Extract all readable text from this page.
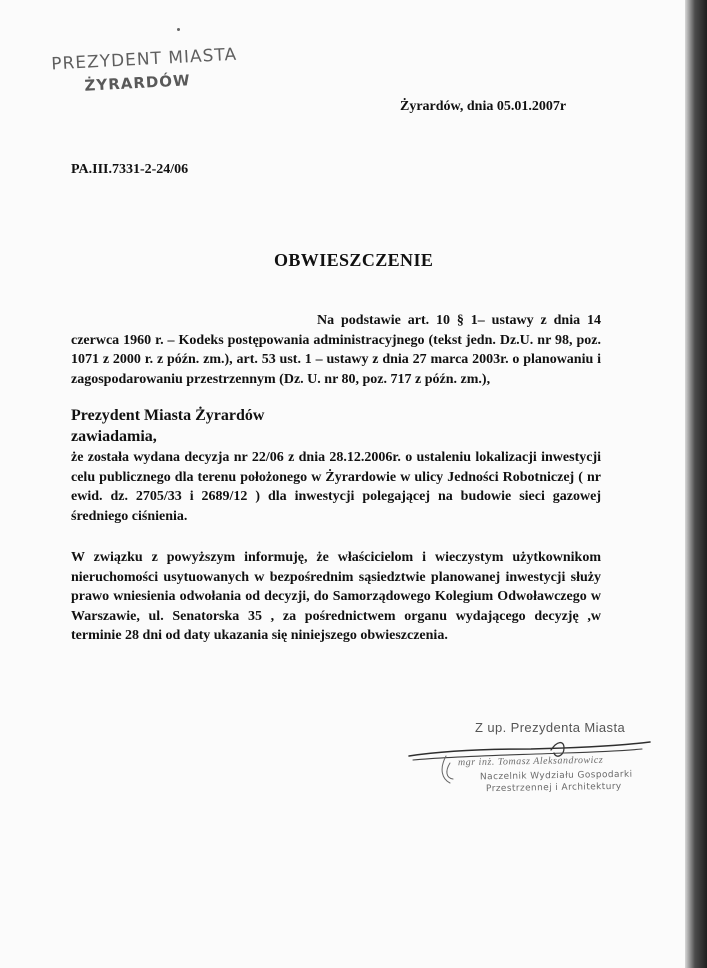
PREZYDENT MIASTA
ŻYRARDÓW
Żyrardów, dnia 05.01.2007r
PA.III.7331-2-24/06
OBWIESZCZENIE
Na podstawie art. 10 § 1– ustawy z dnia 14 czerwca 1960 r. – Kodeks postępowania administracyjnego (tekst jedn. Dz.U. nr 98, poz. 1071 z 2000 r. z późn. zm.), art. 53 ust. 1 – ustawy z dnia 27 marca 2003r. o planowaniu i zagospodarowaniu przestrzennym (Dz. U. nr 80, poz. 717 z późn. zm.),
Prezydent Miasta Żyrardów
zawiadamia,
że została wydana decyzja nr 22/06 z dnia 28.12.2006r. o ustaleniu lokalizacji inwestycji celu publicznego dla terenu położonego w Żyrardowie w ulicy Jedności Robotniczej ( nr ewid. dz. 2705/33 i 2689/12 ) dla inwestycji polegającej na budowie sieci gazowej średniego ciśnienia.
W związku z powyższym informuję, że właścicielom i wieczystym użytkownikom nieruchomości usytuowanych w bezpośrednim sąsiedztwie planowanej inwestycji służy prawo wniesienia odwołania od decyzji, do Samorządowego Kolegium Odwoławczego w Warszawie, ul. Senatorska 35 , za pośrednictwem organu wydającego decyzję ,w terminie 28 dni od daty ukazania się niniejszego obwieszczenia.
Z up. Prezydenta Miasta
mgr inż. Tomasz Aleksandrowicz
Naczelnik Wydziału Gospodarki
Przestrzennej i Architektury
